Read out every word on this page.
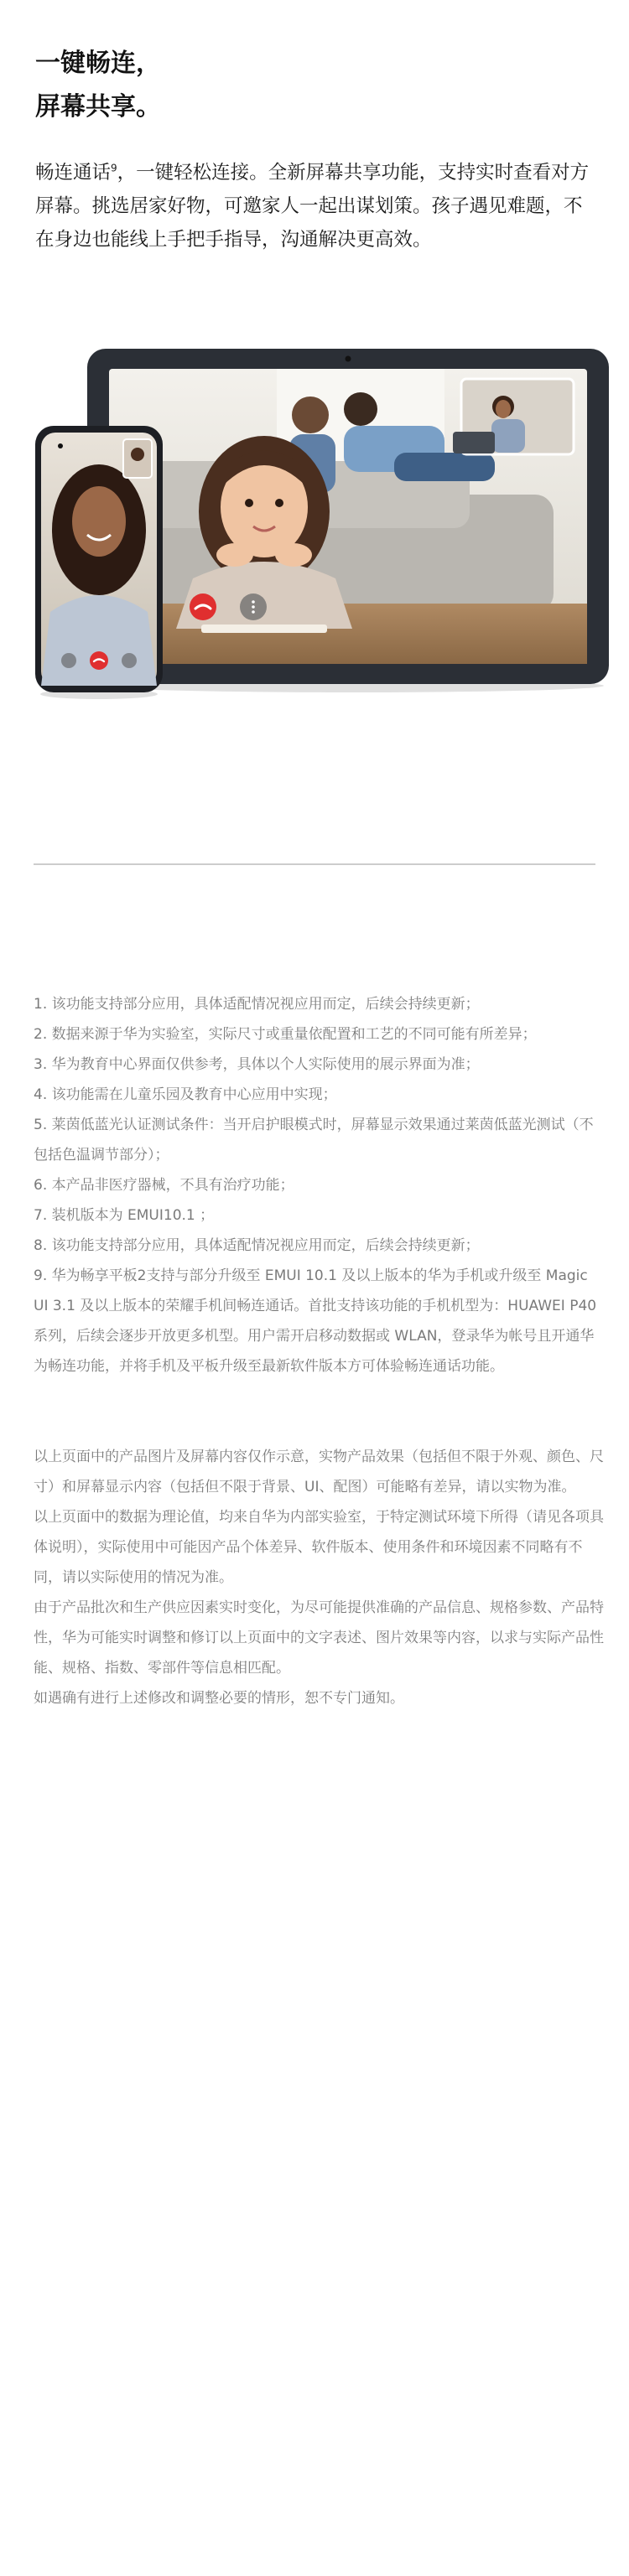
一键畅连，
屏幕共享。

畅连通话$^9$，一键轻松连接。全新屏幕共享功能，支持实时查看对方屏幕。挑选居家好物，可邀家人一起出谋划策。孩子遇见难题，不在身边也能线上手把手指导，沟通解决更高效。

1. 该功能支持部分应用，具体适配情况视应用而定，后续会持续更新；
2. 数据来源于华为实验室，实际尺寸或重量依配置和工艺的不同可能有所差异；
3. 华为教育中心界面仅供参考，具体以个人实际使用的展示界面为准；
4. 该功能需在儿童乐园及教育中心应用中实现；
5. 莱茵低蓝光认证测试条件：当开启护眼模式时，屏幕显示效果通过莱茵低蓝光测试（不包括色温调节部分）；
6. 本产品非医疗器械，不具有治疗功能；
7. 装机版本为 EMUI10.1 ；
8. 该功能支持部分应用，具体适配情况视应用而定，后续会持续更新；
9. 华为畅享平板2支持与部分升级至 EMUI 10.1 及以上版本的华为手机或升级至 Magic UI 3.1 及以上版本的荣耀手机间畅连通话。首批支持该功能的手机机型为：HUAWEI P40 系列，后续会逐步开放更多机型。用户需开启移动数据或 WLAN，登录华为帐号且开通华为畅连功能，并将手机及平板升级至最新软件版本方可体验畅连通话功能。
以上页面中的产品图片及屏幕内容仅作示意，实物产品效果（包括但不限于外观、颜色、尺寸）和屏幕显示内容（包括但不限于背景、UI、配图）可能略有差异，请以实物为准。
以上页面中的数据为理论值，均来自华为内部实验室，于特定测试环境下所得（请见各项具体说明），实际使用中可能因产品个体差异、软件版本、使用条件和环境因素不同略有不同，请以实际使用的情况为准。
由于产品批次和生产供应因素实时变化，为尽可能提供准确的产品信息、规格参数、产品特性，华为可能实时调整和修订以上页面中的文字表述、图片效果等内容，以求与实际产品性能、规格、指数、零部件等信息相匹配。
如遇确有进行上述修改和调整必要的情形，恕不专门通知。
